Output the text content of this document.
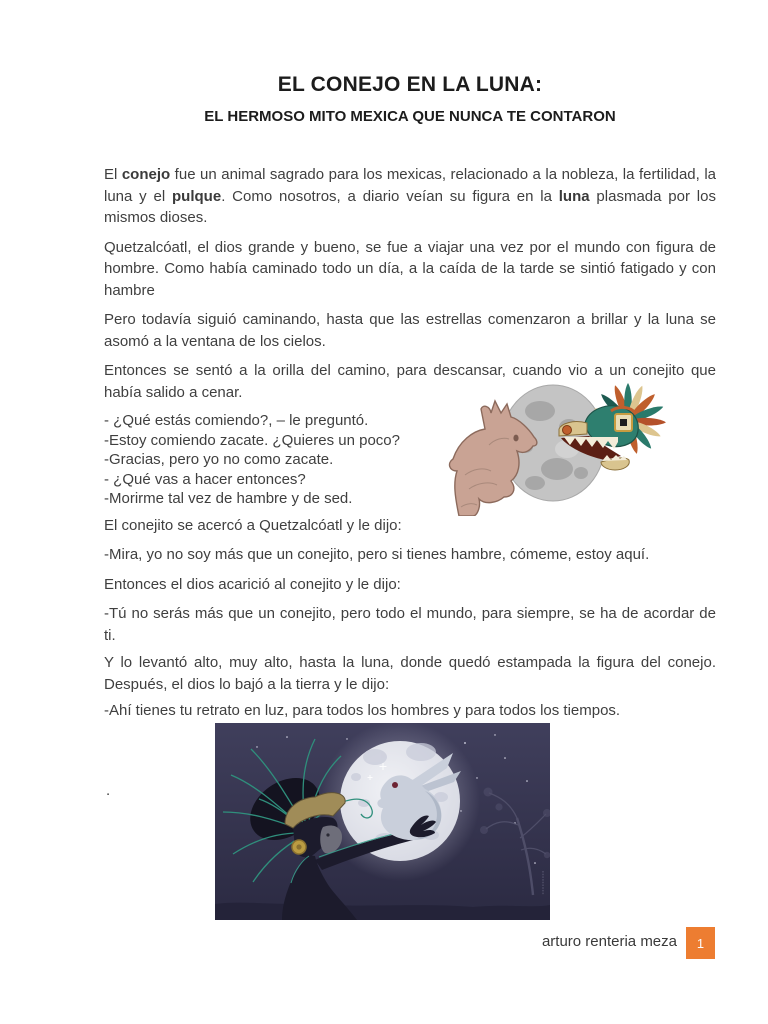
EL CONEJO EN LA LUNA:
EL HERMOSO MITO MEXICA QUE NUNCA TE CONTARON

El conejo fue un animal sagrado para los mexicas, relacionado a la nobleza, la fertilidad, la luna y el pulque. Como nosotros, a diario veían su figura en la luna plasmada por los mismos dioses.

Quetzalcóatl, el dios grande y bueno, se fue a viajar una vez por el mundo con figura de hombre. Como había caminado todo un día, a la caída de la tarde se sintió fatigado y con hambre

Pero todavía siguió caminando, hasta que las estrellas comenzaron a brillar y la luna se asomó a la ventana de los cielos.

Entonces se sentó a la orilla del camino, para descansar, cuando vio a un conejito que había salido a cenar.

- ¿Qué estás comiendo?, – le preguntó.
-Estoy comiendo zacate. ¿Quieres un poco?
-Gracias, pero yo no como zacate.
- ¿Qué vas a hacer entonces?
-Morirme tal vez de hambre y de sed.

El conejito se acercó a Quetzalcóatl y le dijo:

-Mira, yo no soy más que un conejito, pero si tienes hambre, cómeme, estoy aquí.

Entonces el dios acarició al conejito y le dijo:

-Tú no serás más que un conejito, pero todo el mundo, para siempre, se ha de acordar de ti.

Y lo levantó alto, muy alto, hasta la luna, donde quedó estampada la figura del conejo. Después, el dios lo bajó a la tierra y le dijo:

-Ahí tienes tu retrato en luz, para todos los hombres y para todos los tiempos.

.
arturo renteria meza	1
